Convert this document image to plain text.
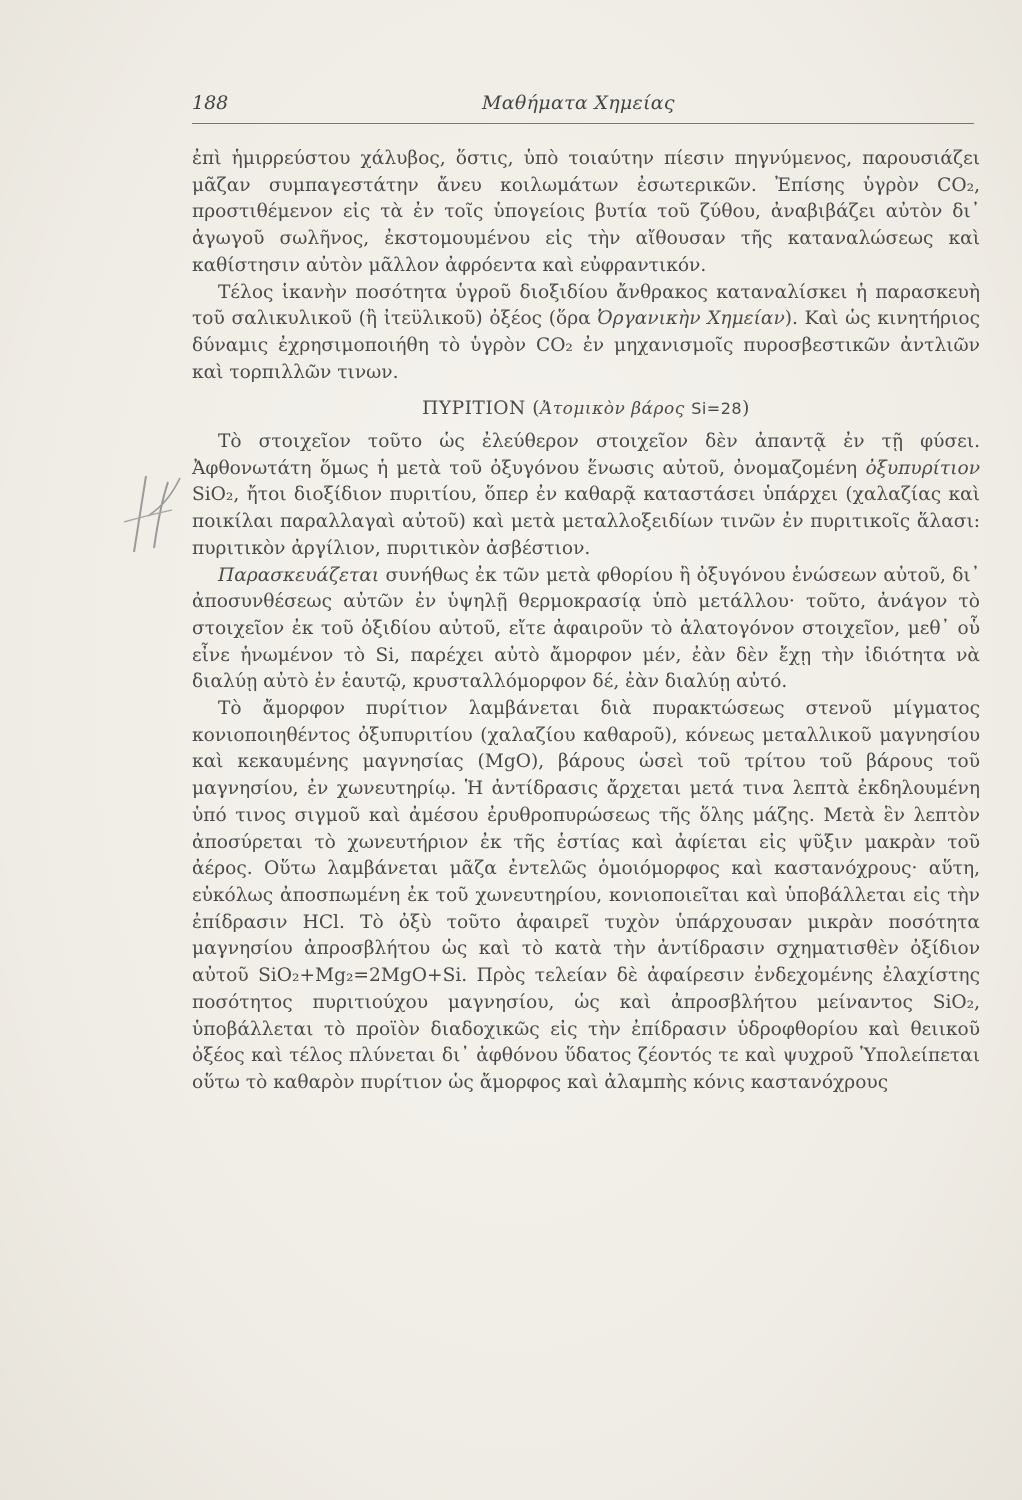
188	Μαθήματα Χημείας

ἐπὶ ἡμιρρεύστου χάλυβος, ὅστις, ὑπὸ τοιαύτην πίεσιν πηγνύμενος, παρουσιάζει μᾶζαν συμπαγεστάτην ἄνευ κοιλωμάτων ἐσωτερικῶν. Ἐπίσης ὑγρὸν CO₂, προστιθέμενον εἰς τὰ ἐν τοῖς ὑπογείοις βυτία τοῦ ζύθου, ἀναβιβάζει αὐτὸν δι᾽ ἀγωγοῦ σωλῆνος, ἐκστομουμένου εἰς τὴν αἴθουσαν τῆς καταναλώσεως καὶ καθίστησιν αὐτὸν μᾶλλον ἀφρόεντα καὶ εὐφραντικόν.

Τέλος ἱκανὴν ποσότητα ὑγροῦ διοξιδίου ἄνθρακος καταναλίσκει ἡ παρασκευὴ τοῦ σαλικυλικοῦ (ἢ ἰτεϋλικοῦ) ὀξέος (ὅρα Ὀργανικὴν Χημείαν). Καὶ ὡς κινητήριος δύναμις ἐχρησιμοποιήθη τὸ ὑγρὸν CO₂ ἐν μηχανισμοῖς πυροσβεστικῶν ἀντλιῶν καὶ τορπιλλῶν τινων.

ΠΥΡΙΤΙΟΝ (Ἀτομικὸν βάρος Si=28)

Τὸ στοιχεῖον τοῦτο ὡς ἐλεύθερον στοιχεῖον δὲν ἀπαντᾷ ἐν τῇ φύσει. Ἀφθονωτάτη ὅμως ἡ μετὰ τοῦ ὀξυγόνου ἕνωσις αὐτοῦ, ὀνομαζομένη ὀξυπυρίτιον SiO₂, ἤτοι διοξίδιον πυριτίου, ὅπερ ἐν καθαρᾷ καταστάσει ὑπάρχει (χαλαζίας καὶ ποικίλαι παραλλαγαὶ αὐτοῦ) καὶ μετὰ μεταλλοξειδίων τινῶν ἐν πυριτικοῖς ἅλασι: πυριτικὸν ἀργίλιον, πυριτικὸν ἀσβέστιον.

Παρασκευάζεται συνήθως ἐκ τῶν μετὰ φθορίου ἢ ὀξυγόνου ἑνώσεων αὐτοῦ, δι᾽ ἀποσυνθέσεως αὐτῶν ἐν ὑψηλῇ θερμοκρασίᾳ ὑπὸ μετάλλου· τοῦτο, ἀνάγον τὸ στοιχεῖον ἐκ τοῦ ὀξιδίου αὐτοῦ, εἴτε ἀφαιροῦν τὸ ἁλατογόνον στοιχεῖον, μεθ᾽ οὗ εἶνε ἡνωμένον τὸ Si, παρέχει αὐτὸ ἄμορφον μέν, ἐὰν δὲν ἔχῃ τὴν ἰδιότητα νὰ διαλύῃ αὐτὸ ἐν ἑαυτῷ, κρυσταλλόμορφον δέ, ἐὰν διαλύῃ αὐτό.

Τὸ ἄμορφον πυρίτιον λαμβάνεται διὰ πυρακτώσεως στενοῦ μίγματος κονιοποιηθέντος ὀξυπυριτίου (χαλαζίου καθαροῦ), κόνεως μεταλλικοῦ μαγνησίου καὶ κεκαυμένης μαγνησίας (MgO), βάρους ὡσεὶ τοῦ τρίτου τοῦ βάρους τοῦ μαγνησίου, ἐν χωνευτηρίῳ. Ἡ ἀντίδρασις ἄρχεται μετά τινα λεπτὰ ἐκδηλουμένη ὑπό τινος σιγμοῦ καὶ ἀμέσου ἐρυθροπυρώσεως τῆς ὅλης μάζης. Μετὰ ἓν λεπτὸν ἀποσύρεται τὸ χωνευτήριον ἐκ τῆς ἑστίας καὶ ἀφίεται εἰς ψῦξιν μακρὰν τοῦ ἀέρος. Οὕτω λαμβάνεται μᾶζα ἐντελῶς ὁμοιόμορφος καὶ καστανόχρους· αὕτη, εὐκόλως ἀποσπωμένη ἐκ τοῦ χωνευτηρίου, κονιοποιεῖται καὶ ὑποβάλλεται εἰς τὴν ἐπίδρασιν HCl. Τὸ ὀξὺ τοῦτο ἀφαιρεῖ τυχὸν ὑπάρχουσαν μικρὰν ποσότητα μαγνησίου ἀπροσβλήτου ὡς καὶ τὸ κατὰ τὴν ἀντίδρασιν σχηματισθὲν ὀξίδιον αὐτοῦ SiO₂+Mg₂=2MgO+Si. Πρὸς τελείαν δὲ ἀφαίρεσιν ἐνδεχομένης ἐλαχίστης ποσότητος πυριτιούχου μαγνησίου, ὡς καὶ ἀπροσβλήτου μείναντος SiO₂, ὑποβάλλεται τὸ προϊὸν διαδοχικῶς εἰς τὴν ἐπίδρασιν ὑδροφθορίου καὶ θειικοῦ ὀξέος καὶ τέλος πλύνεται δι᾽ ἀφθόνου ὕδατος ζέοντός τε καὶ ψυχροῦ Ὑπολείπεται οὕτω τὸ καθαρὸν πυρίτιον ὡς ἄμορφος καὶ ἀλαμπὴς κόνις καστανόχρους
